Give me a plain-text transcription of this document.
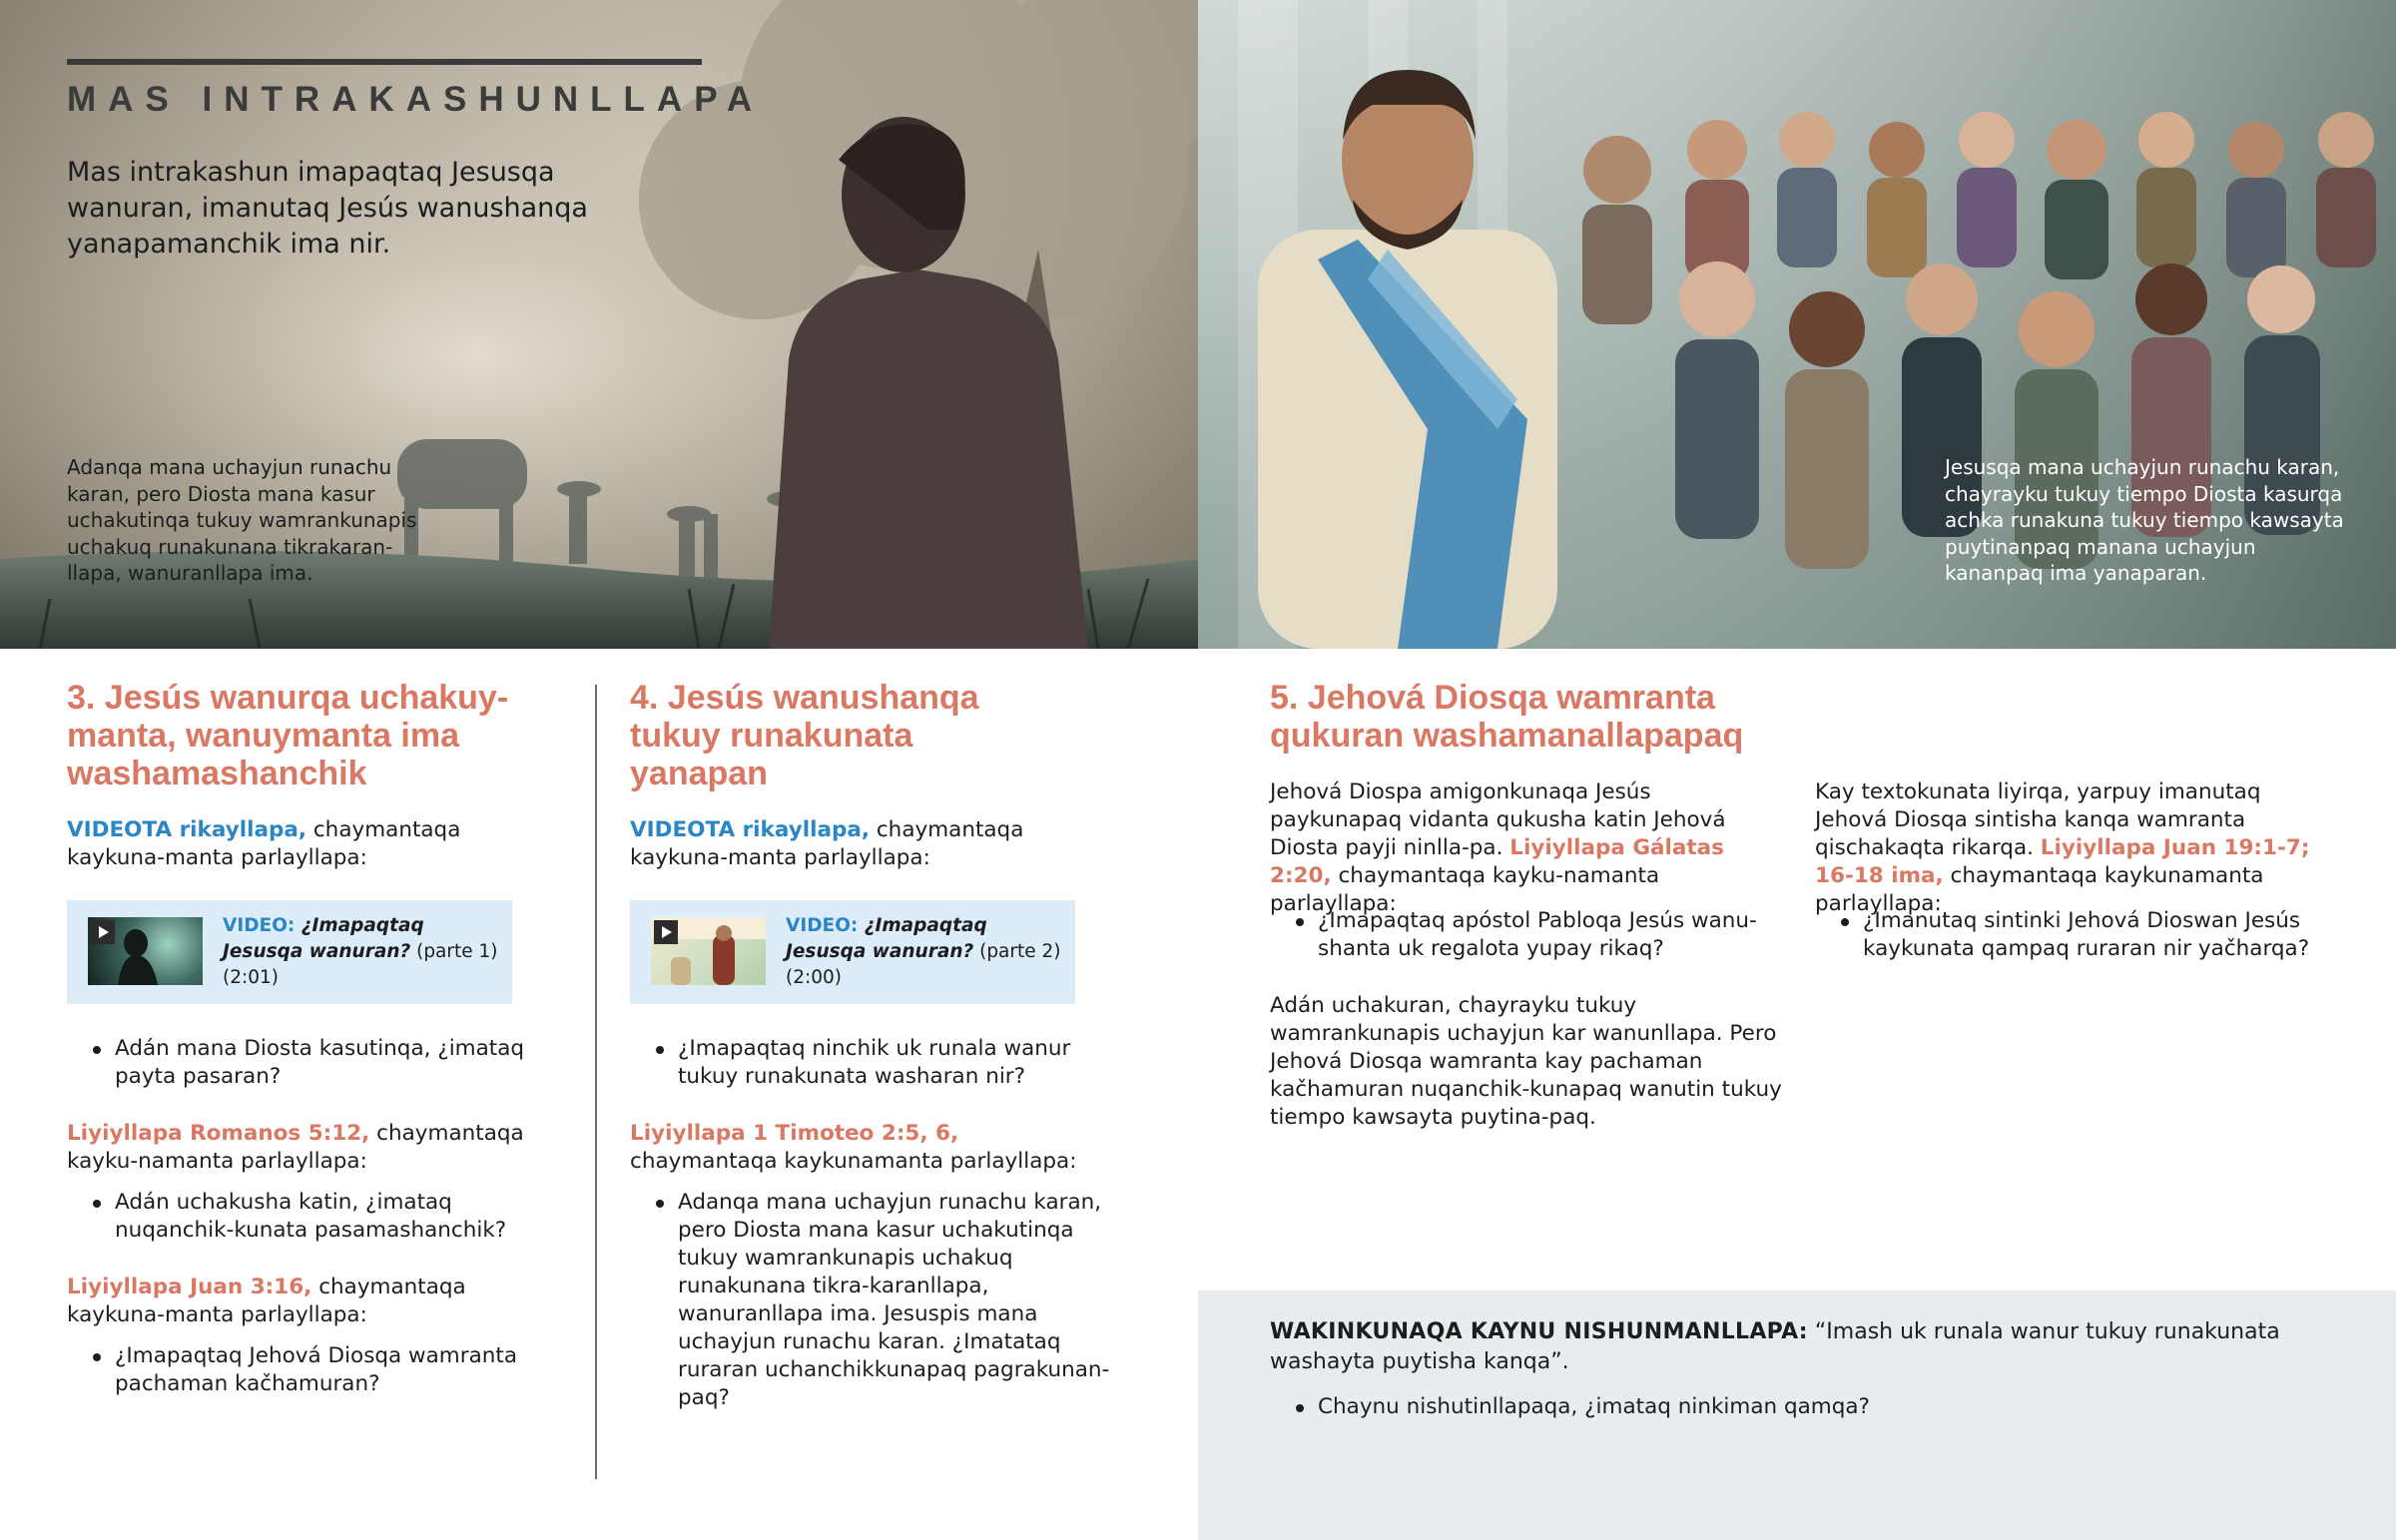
MAS INTRAKASHUNLLAPA
Mas intrakashun imapaqtaq Jesusqa wanuran, imanutaq Jesús wanushanqa yanapamanchik ima nir.
Adanqa mana uchayjun runachu karan, pero Diosta mana kasur uchakutinqa tukuy wamrankunapis uchakuq runakunana tikrakaran-llapa, wanuranllapa ima.
Jesusqa mana uchayjun runachu karan, chayrayku tukuy tiempo Diosta kasurqa achka runakuna tukuy tiempo kawsayta puytinanpaq manana uchayjun kananpaq ima yanaparan.
3. Jesús wanurqa uchakuy-manta, wanuymanta ima washamashanchik
VIDEOTA rikayllapa, chaymantaqa kaykuna-manta parlayllapa:
VIDEO: ¿Imapaqtaq Jesusqa wanuran? (parte 1) (2:01)
Adán mana Diosta kasutinqa, ¿imataq payta pasaran?
Liyiyllapa Romanos 5:12, chaymantaqa kayku-namanta parlayllapa:
Adán uchakusha katin, ¿imataq nuqanchik-kunata pasamashanchik?
Liyiyllapa Juan 3:16, chaymantaqa kaykuna-manta parlayllapa:
¿Imapaqtaq Jehová Diosqa wamranta pachaman kačhamuran?
4. Jesús wanushanqa tukuy runakunata yanapan
VIDEOTA rikayllapa, chaymantaqa kaykuna-manta parlayllapa:
VIDEO: ¿Imapaqtaq Jesusqa wanuran? (parte 2) (2:00)
¿Imapaqtaq ninchik uk runala wanur tukuy runakunata washaran nir?
Liyiyllapa 1 Timoteo 2:5, 6, chaymantaqa kaykunamanta parlayllapa:
Adanqa mana uchayjun runachu karan, pero Diosta mana kasur uchakutinqa tukuy wamrankunapis uchakuq runakunana tikra-karanllapa, wanuranllapa ima. Jesuspis mana uchayjun runachu karan. ¿Imatataq ruraran uchanchikkunapaq pagrakunan-paq?
5. Jehová Diosqa wamranta qukuran washamanallapapaq
Jehová Diospa amigonkunaqa Jesús paykunapaq vidanta qukusha katin Jehová Diosta payji ninlla-pa. Liyiyllapa Gálatas 2:20, chaymantaqa kayku-namanta parlayllapa:
¿Imapaqtaq apóstol Pabloqa Jesús wanu-shanta uk regalota yupay rikaq?
Adán uchakuran, chayrayku tukuy wamrankunapis uchayjun kar wanunllapa. Pero Jehová Diosqa wamranta kay pachaman kačhamuran nuqanchik-kunapaq wanutin tukuy tiempo kawsayta puytina-paq.
Kay textokunata liyirqa, yarpuy imanutaq Jehová Diosqa sintisha kanqa wamranta qischakaqta rikarqa. Liyiyllapa Juan 19:1-7; 16-18 ima, chaymantaqa kaykunamanta parlayllapa:
¿Imanutaq sintinki Jehová Dioswan Jesús kaykunata qampaq ruraran nir yačharqa?
WAKINKUNAQA KAYNU NISHUNMANLLAPA: “Imash uk runala wanur tukuy runakunata washayta puytisha kanqa”.
Chaynu nishutinllapaqa, ¿imataq ninkiman qamqa?
